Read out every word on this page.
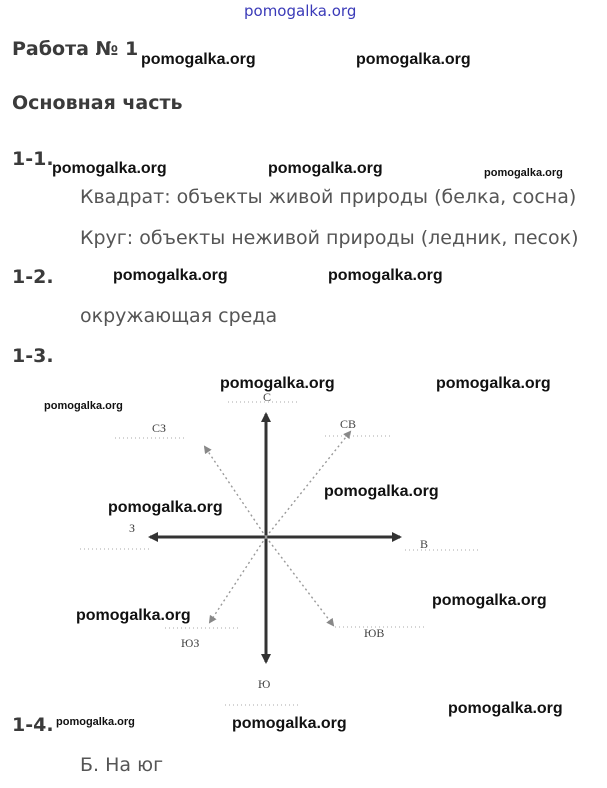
pomogalka.org
Работа № 1
Основная часть
1-1.
Квадрат: объекты живой природы (белка, сосна)
Круг: объекты неживой природы (ледник, песок)
1-2.
окружающая среда
1-3.
С
СВ
СЗ
З
В
ЮВ
ЮЗ
Ю
1-4.
Б. На юг
pomogalka.org	pomogalka.org
pomogalka.org	pomogalka.org	pomogalka.org
pomogalka.org	pomogalka.org
pomogalka.org	pomogalka.org
pomogalka.org
pomogalka.org
pomogalka.org
pomogalka.org
pomogalka.org
pomogalka.org
pomogalka.org	pomogalka.org
